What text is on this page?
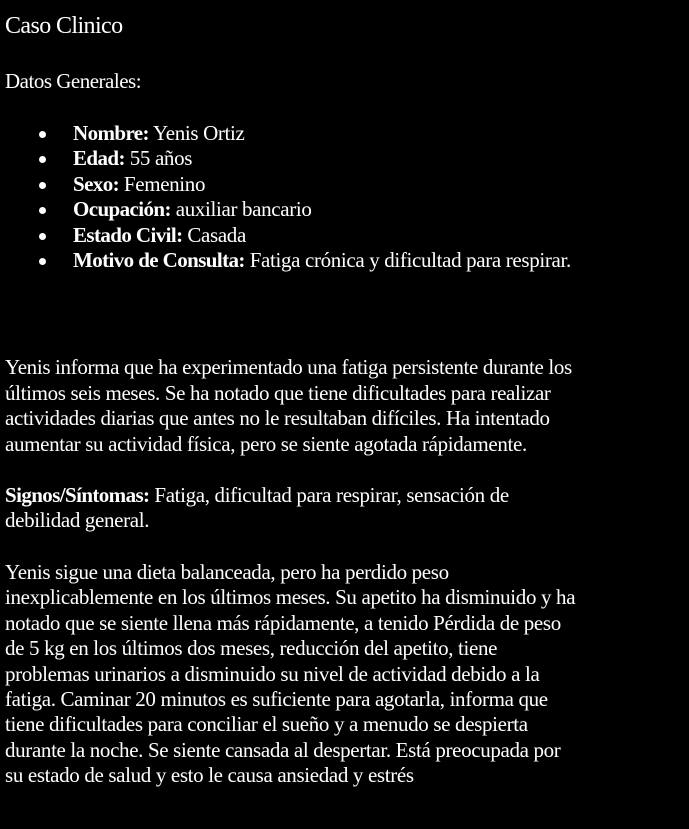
Caso Clinico
Datos Generales:
Nombre: Yenis Ortiz
Edad: 55 años
Sexo: Femenino
Ocupación: auxiliar bancario
Estado Civil: Casada
Motivo de Consulta: Fatiga crónica y dificultad para respirar.

Yenis informa que ha experimentado una fatiga persistente durante los
últimos seis meses. Se ha notado que tiene dificultades para realizar
actividades diarias que antes no le resultaban difíciles. Ha intentado
aumentar su actividad física, pero se siente agotada rápidamente.

Signos/Síntomas: Fatiga, dificultad para respirar, sensación de
debilidad general.

Yenis sigue una dieta balanceada, pero ha perdido peso
inexplicablemente en los últimos meses. Su apetito ha disminuido y ha
notado que se siente llena más rápidamente, a tenido Pérdida de peso
de 5 kg en los últimos dos meses, reducción del apetito, tiene
problemas urinarios a disminuido su nivel de actividad debido a la
fatiga. Caminar 20 minutos es suficiente para agotarla, informa que
tiene dificultades para conciliar el sueño y a menudo se despierta
durante la noche. Se siente cansada al despertar. Está preocupada por
su estado de salud y esto le causa ansiedad y estrés
